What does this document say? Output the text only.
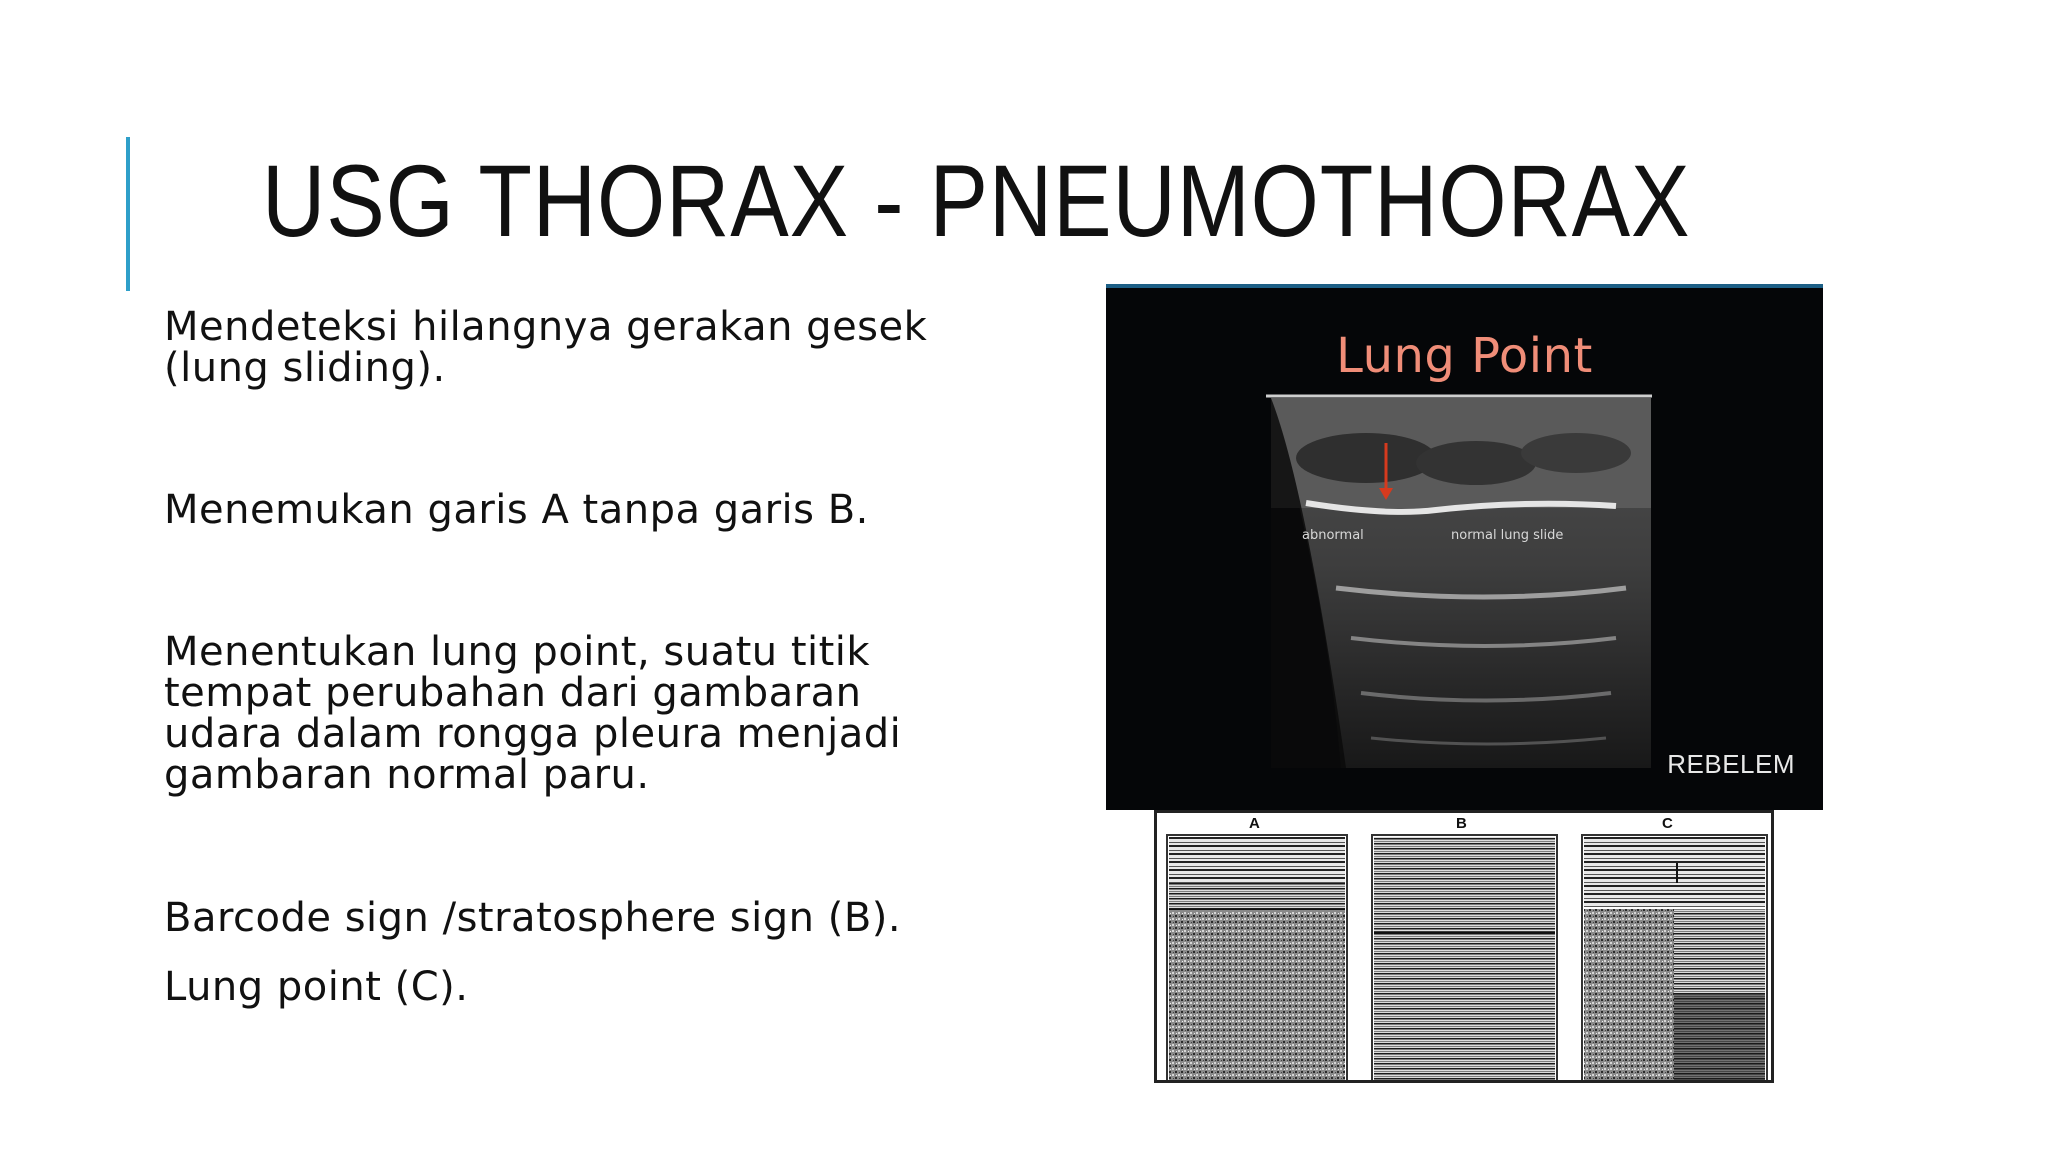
USG THORAX - PNEUMOTHORAX

Mendeteksi hilangnya gerakan gesek (lung sliding).

Menemukan garis A tanpa garis B.

Menentukan lung point, suatu titik tempat perubahan dari gambaran udara dalam rongga pleura menjadi gambaran normal paru.

Barcode sign /stratosphere sign (B).

Lung point (C).

Lung Point
abnormal	normal lung slide
REBELEM
A	B	C
